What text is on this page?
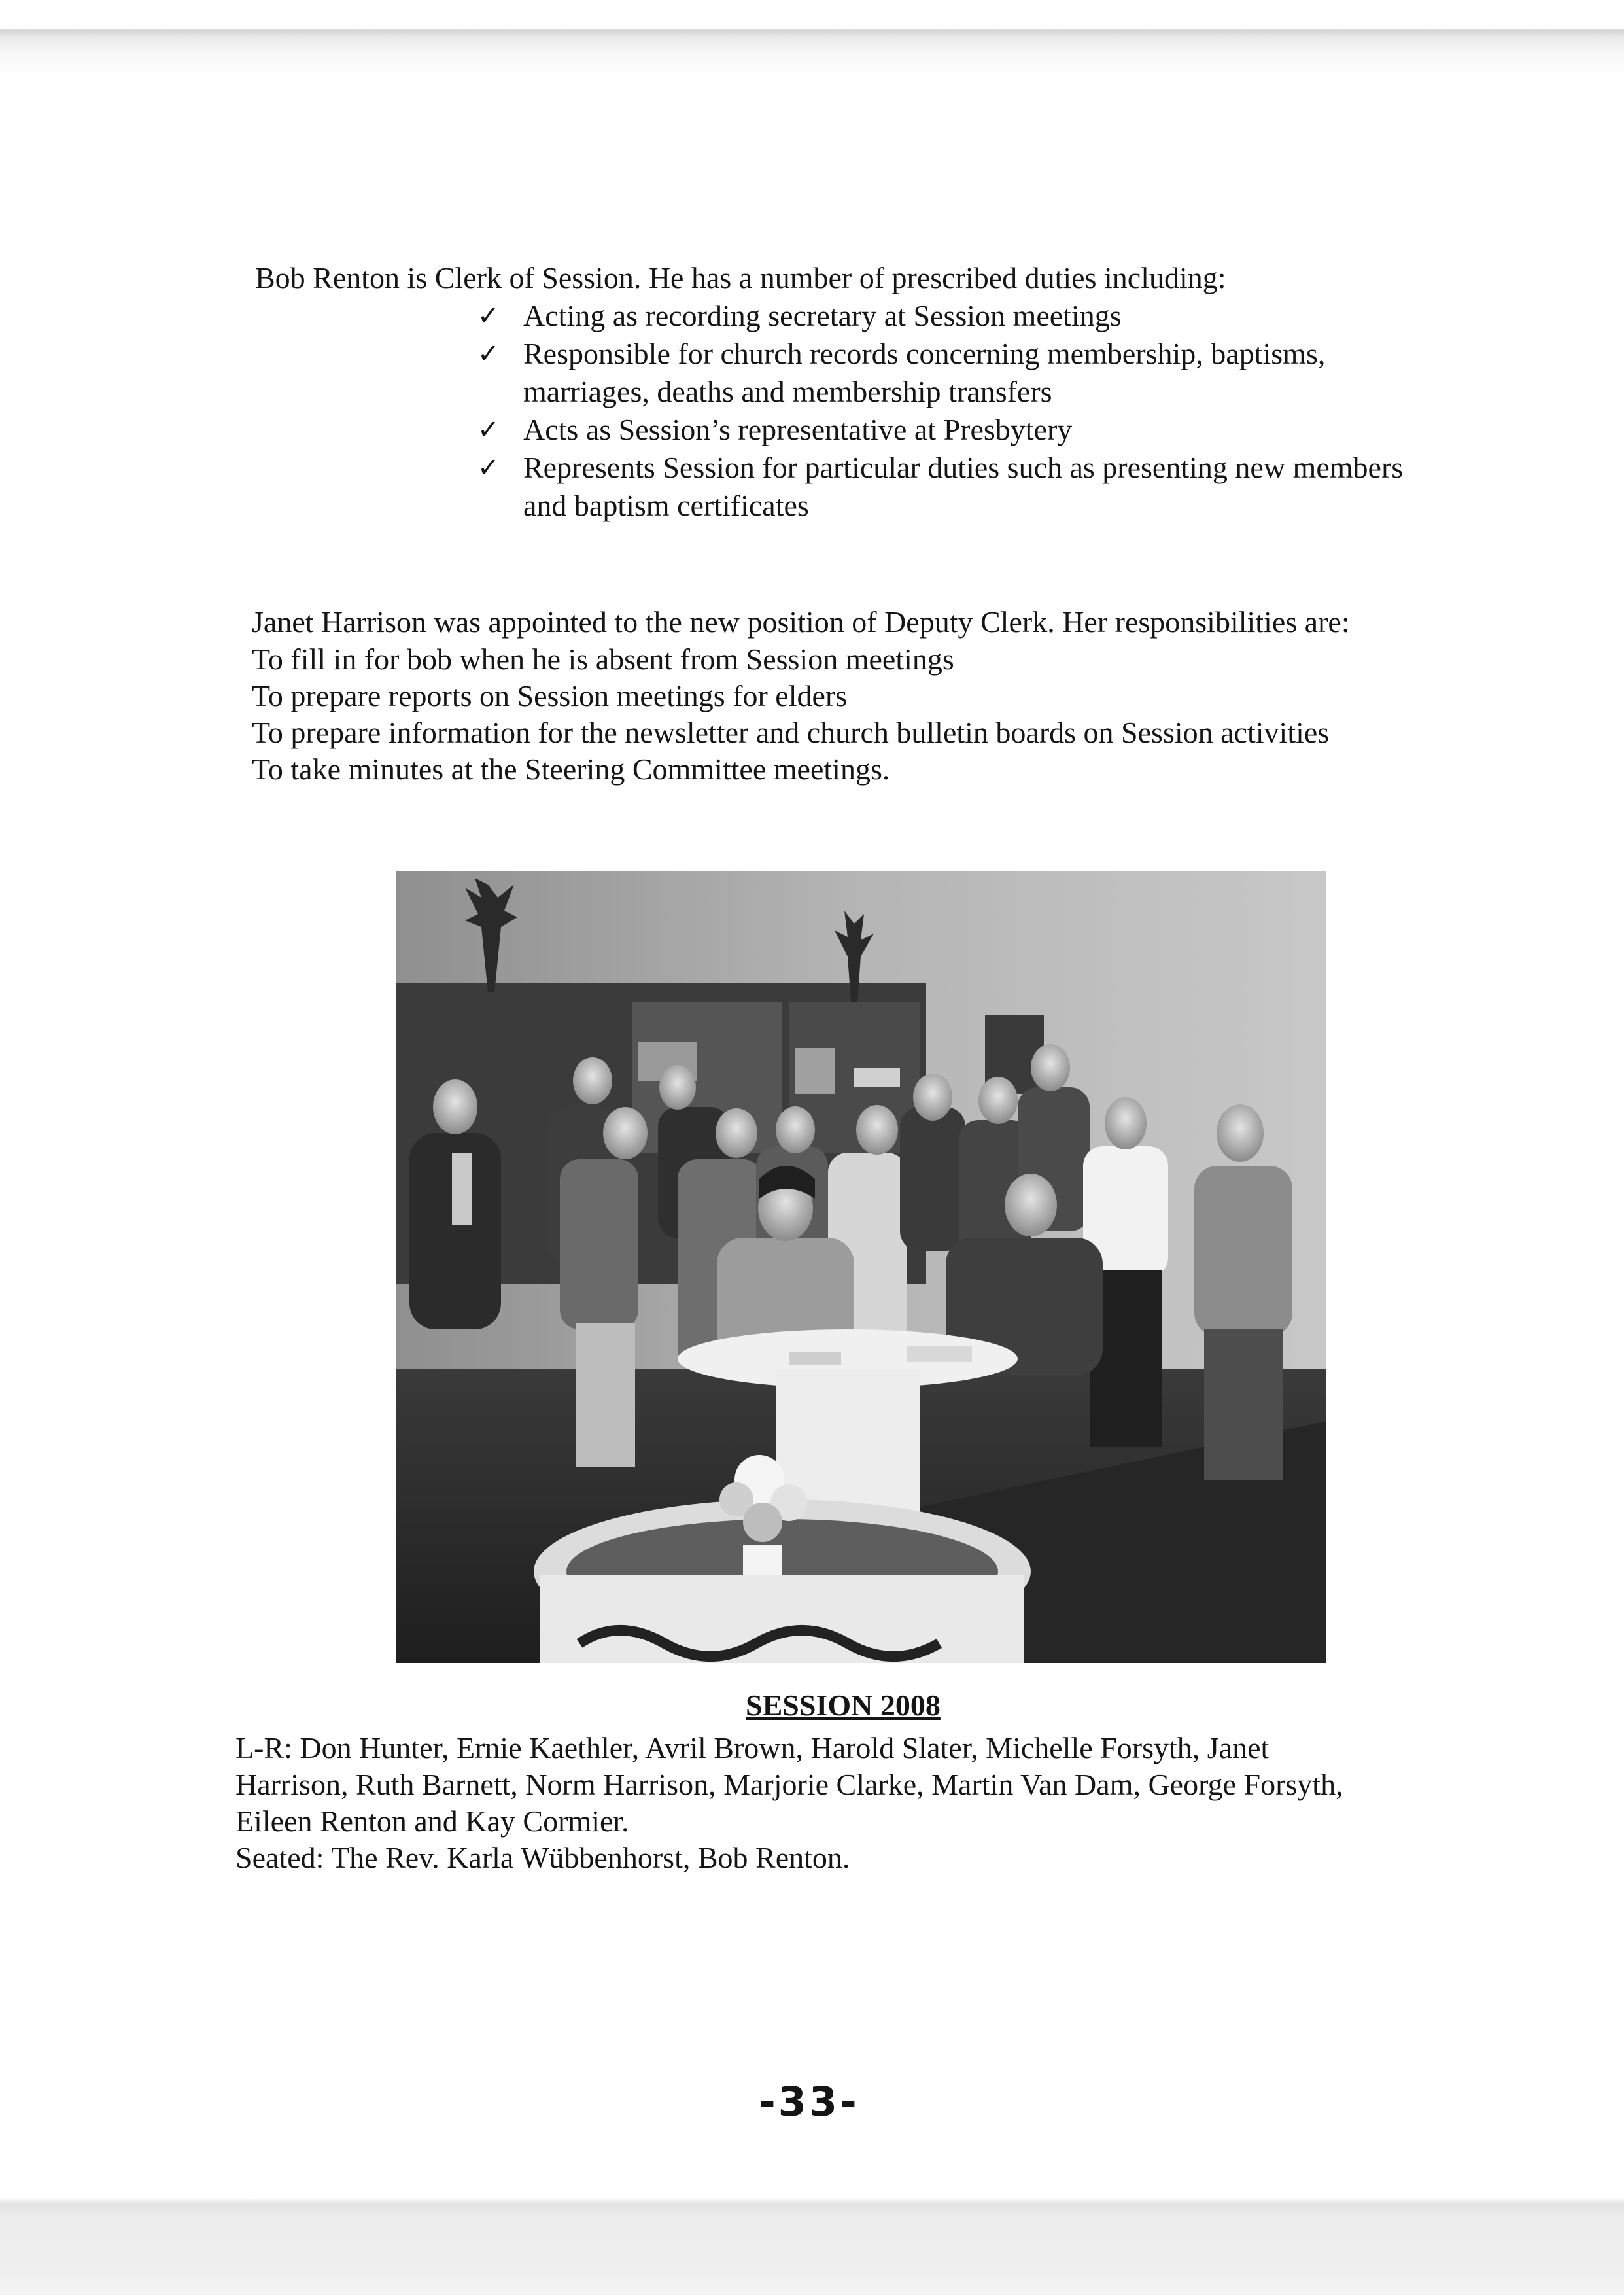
Bob Renton is Clerk of Session. He has a number of prescribed duties including:
✓ Acting as recording secretary at Session meetings
✓ Responsible for church records concerning membership, baptisms,
marriages, deaths and membership transfers
✓ Acts as Session’s representative at Presbytery
✓ Represents Session for particular duties such as presenting new members
and baptism certificates
Janet Harrison was appointed to the new position of Deputy Clerk. Her responsibilities are:
To fill in for bob when he is absent from Session meetings
To prepare reports on Session meetings for elders
To prepare information for the newsletter and church bulletin boards on Session activities
To take minutes at the Steering Committee meetings.
SESSION 2008
L-R: Don Hunter, Ernie Kaethler, Avril Brown, Harold Slater, Michelle Forsyth, Janet
Harrison, Ruth Barnett, Norm Harrison, Marjorie Clarke, Martin Van Dam, George Forsyth,
Eileen Renton and Kay Cormier.
Seated: The Rev. Karla Wübbenhorst, Bob Renton.
-33-
